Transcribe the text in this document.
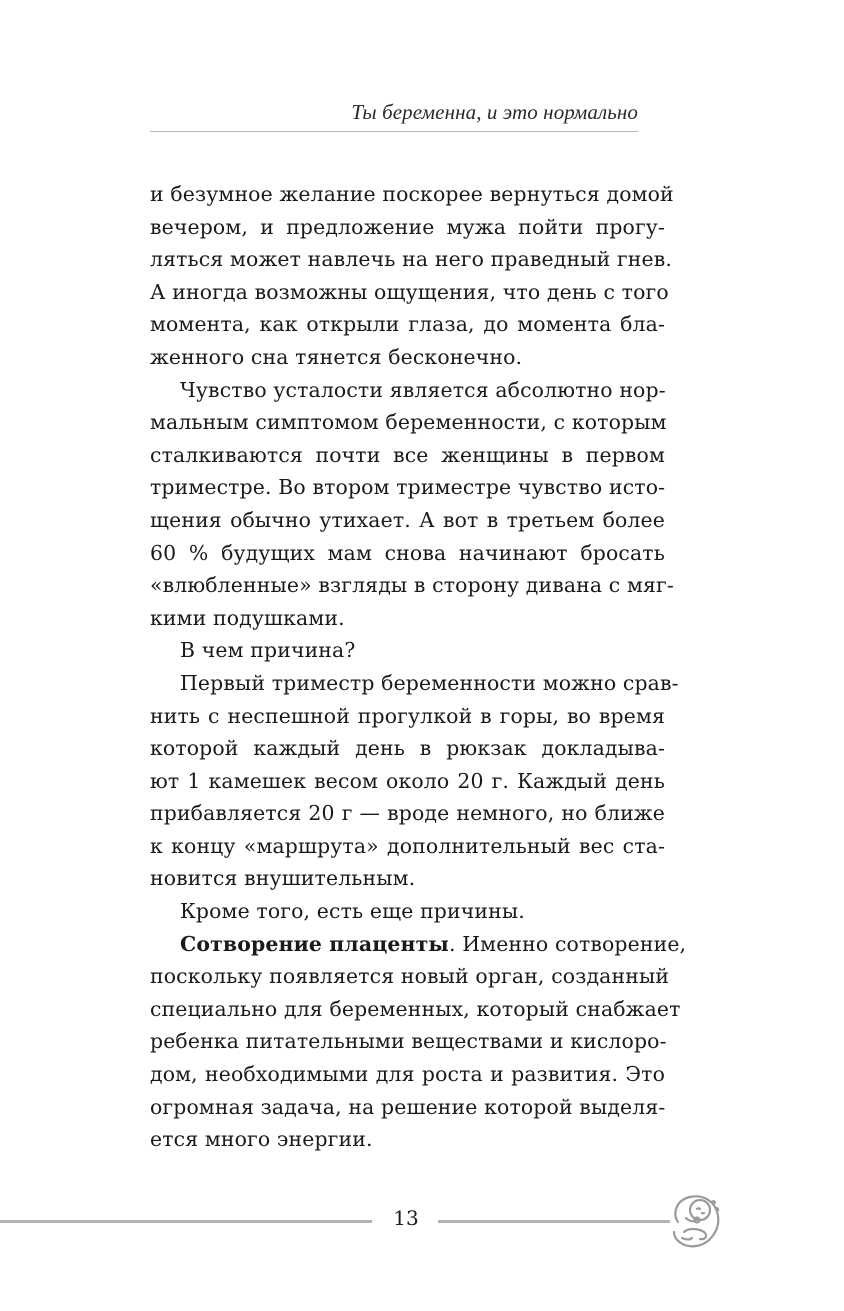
Ты беременна, и это нормально
и безумное желание поскорее вернуться домой
вечером, и предложение мужа пойти прогу-
ляться может навлечь на него праведный гнев.
А иногда возможны ощущения, что день с того
момента, как открыли глаза, до момента бла-
женного сна тянется бесконечно.
Чувство усталости является абсолютно нор-
мальным симптомом беременности, с которым
сталкиваются почти все женщины в первом
триместре. Во втором триместре чувство исто-
щения обычно утихает. А вот в третьем более
60 % будущих мам снова начинают бросать
«влюбленные» взгляды в сторону дивана с мяг-
кими подушками.
В чем причина?
Первый триместр беременности можно срав-
нить с неспешной прогулкой в горы, во время
которой каждый день в рюкзак докладыва-
ют 1 камешек весом около 20 г. Каждый день
прибавляется 20 г — вроде немного, но ближе
к концу «маршрута» дополнительный вес ста-
новится внушительным.
Кроме того, есть еще причины.
Сотворение плаценты. Именно сотворение,
поскольку появляется новый орган, созданный
специально для беременных, который снабжает
ребенка питательными веществами и кислоро-
дом, необходимыми для роста и развития. Это
огромная задача, на решение которой выделя-
ется много энергии.
13
